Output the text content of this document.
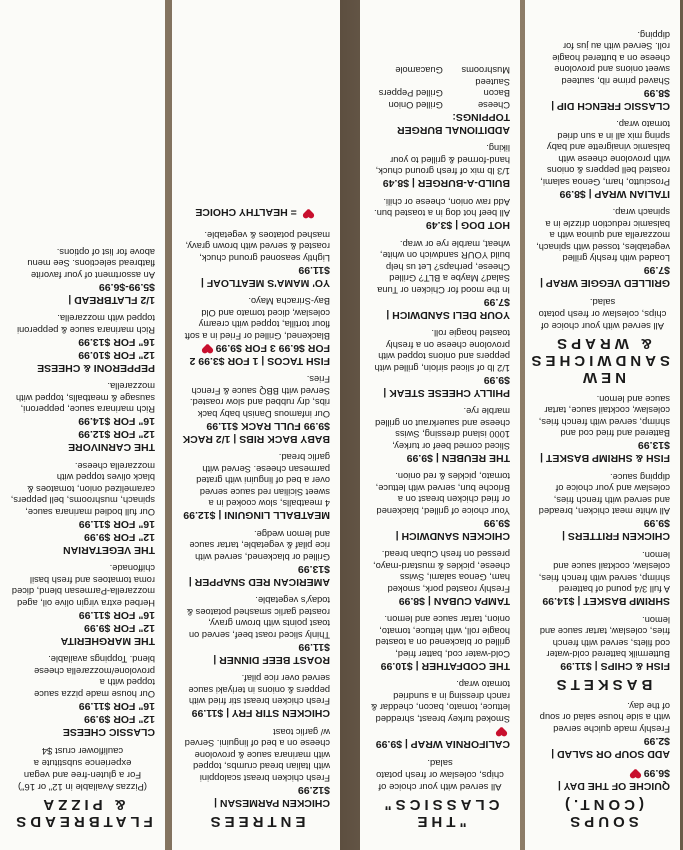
FLATBREADS & PIZZA
(Pizzas Available in 12" or 16") For a gluten-free and vegan experience substitute a cauliflower crust $4
CLASSIC CHEESE
12" FOR $9.99
16" FOR $11.99
Our house made pizza sauce topped with a provolone/mozzarella cheese blend. Toppings available.
THE MARGHERITA
12" FOR $9.99
16" FOR $11.99
Herbed extra virgin olive oil, aged mozzarella-Parmesan blend, diced roma tomatoes and fresh basil chiffonade.
THE VEGETARIAN
12" FOR $9.99
16" FOR $11.99
Our full bodied marinara sauce, spinach, mushrooms, bell peppers, caramelized onion, tomatoes & black olives topped with mozzarella cheese.
THE CARNIVORE
12" FOR $12.99
16" FOR $14.99
Rich marinara sauce, pepperoni, sausage & meatballs, topped with mozzarella.
PEPPERONI & CHEESE
12" FOR $10.99
16" FOR $13.99
Rich marinara sauce & pepperoni topped with mozzarella.
1/2 FLATBREAD | $5.99-$6.99
An assortment of your favorite flatbread selections. See menu above for list of options.
ENTREES
CHICKEN PARMESAN | $12.99
Fresh chicken breast scaloppini with Italian bread crumbs, topped with marinara sauce & provolone cheese on a bed of linguini. Served w/ garlic toast
CHICKEN STIR FRY | $11.99
Fresh chicken breast stir fried with peppers & onions in teriyaki sauce served over rice pilaf.
ROAST BEEF DINNER | $11.99
Thinly sliced roast beef, served on toast points with brown gravy, roasted garlic smashed potatoes & today's vegetable.
AMERICAN RED SNAPPER | $13.99
Grilled or blackened, served with rice pilaf & vegetable, tartar sauce and lemon wedge.
MEATBALL LINGUINI | $12.99
4 meatballs, slow cooked in a sweet Sicilian red sauce served over a bed of linguini with grated parmesan cheese. Served with garlic bread.
BABY BACK RIBS | 1/2 RACK $9.99 FULL RACK $11.99
Our infamous Danish baby back ribs, dry rubbed and slow roasted. Served with BBQ sauce & French Fries.
FISH TACOS | 1 FOR $3.99 2 FOR $6.99 3 FOR $9.99
Blackened, Grilled or Fried in a soft flour tortilla, topped with creamy coleslaw, diced tomato and Old Bay-Sriracha Mayo.
YO' MAMA'S MEATLOAF | $11.99
Lightly seasoned ground chuck, roasted & served with brown gravy, mashed potatoes & vegetable.
= HEALTHY CHOICE
"THE CLASSICS"
All served with your choice of chips, coleslaw or fresh potato salad.
CALIFORNIA WRAP | $9.99
Smoked turkey breast, shredded lettuce, tomato, bacon, cheddar & ranch dressing in a sundried tomato wrap.
THE CODFATHER | $10.99
Cold-water cod, batter fried, grilled or blackened on a toasted hoagie roll, with lettuce, tomato, onion, tartar sauce and lemon.
TAMPA CUBAN | $8.99
Freshly roasted pork, smoked ham, Genoa salami, Swiss cheese, pickles & mustard-mayo, pressed on fresh Cuban bread.
CHICKEN SANDWICH | $9.99
Your choice of grilled, blackened or fried chicken breast on a Brioche bun, served with lettuce, tomato, pickles & red onion.
THE REUBEN | $9.99
Sliced corned beef or turkey, 1000 island dressing, Swiss cheese and sauerkraut on grilled marble rye.
PHILLY CHEESE STEAK | $9.99
1/2 lb of sliced sirloin, grilled with peppers and onions topped with provolone cheese on a freshly toasted hoagie roll.
YOUR DELI SANDWICH | $7.99
In the mood for Chicken or Tuna Salad? Maybe a BLT? Grilled Cheese, perhaps? Let us help build YOUR sandwich on white, wheat, marble rye or wrap.
HOT DOG | $3.49
All beef hot dog in a toasted bun. Add raw onion, cheese or chili.
BUILD-A-BURGER | $8.49
1/3 lb mix of fresh ground chuck, hand-formed & grilled to your liking.
ADDITIONAL BURGER TOPPINGS:
CheeseGrilled OnionBaconGrilled PeppersSauteed MushroomsGuacamole
SOUPS (CONT.)
QUICHE OF THE DAY | $6.99
ADD SOUP OR SALAD | $2.99
Freshly made quiche served with a side house salad or soup of the day.
BASKETS
FISH & CHIPS | $11.99
Buttermilk battered cold-water cod filets, served with french fries, coleslaw, tartar sauce and lemon.
SHRIMP BASKET | $14.99
A full 3/4 pound of battered shrimp, served with french fries, coleslaw, cocktail sauce and lemon.
CHICKEN FRITTERS | $9.99
All white meat chicken, breaded and served with french fries, coleslaw and your choice of dipping sauce.
FISH & SHRIMP BASKET | $13.99
Battered and fried cod and shrimp, served with french fries, coleslaw, cocktail sauce, tartar sauce and lemon.
NEW SANDWICHES & WRAPS
All served with your choice of chips, coleslaw or fresh potato salad.
GRILLED VEGGIE WRAP | $7.99
Loaded with freshly grilled vegetables, tossed with spinach, mozzarella and quinoa with a balsamic reduction drizzle in a spinach wrap.
ITALIAN WRAP | $8.99
Prosciutto, ham, Genoa salami, roasted bell peppers & onions with provolone cheese with balsamic vinaigrette and baby spring mix all in a sun dried tomato wrap.
CLASSIC FRENCH DIP | $8.99
Shaved prime rib, sauteed sweet onions and provolone cheese on a buttered hoagie roll. Served with au jus for dipping.
